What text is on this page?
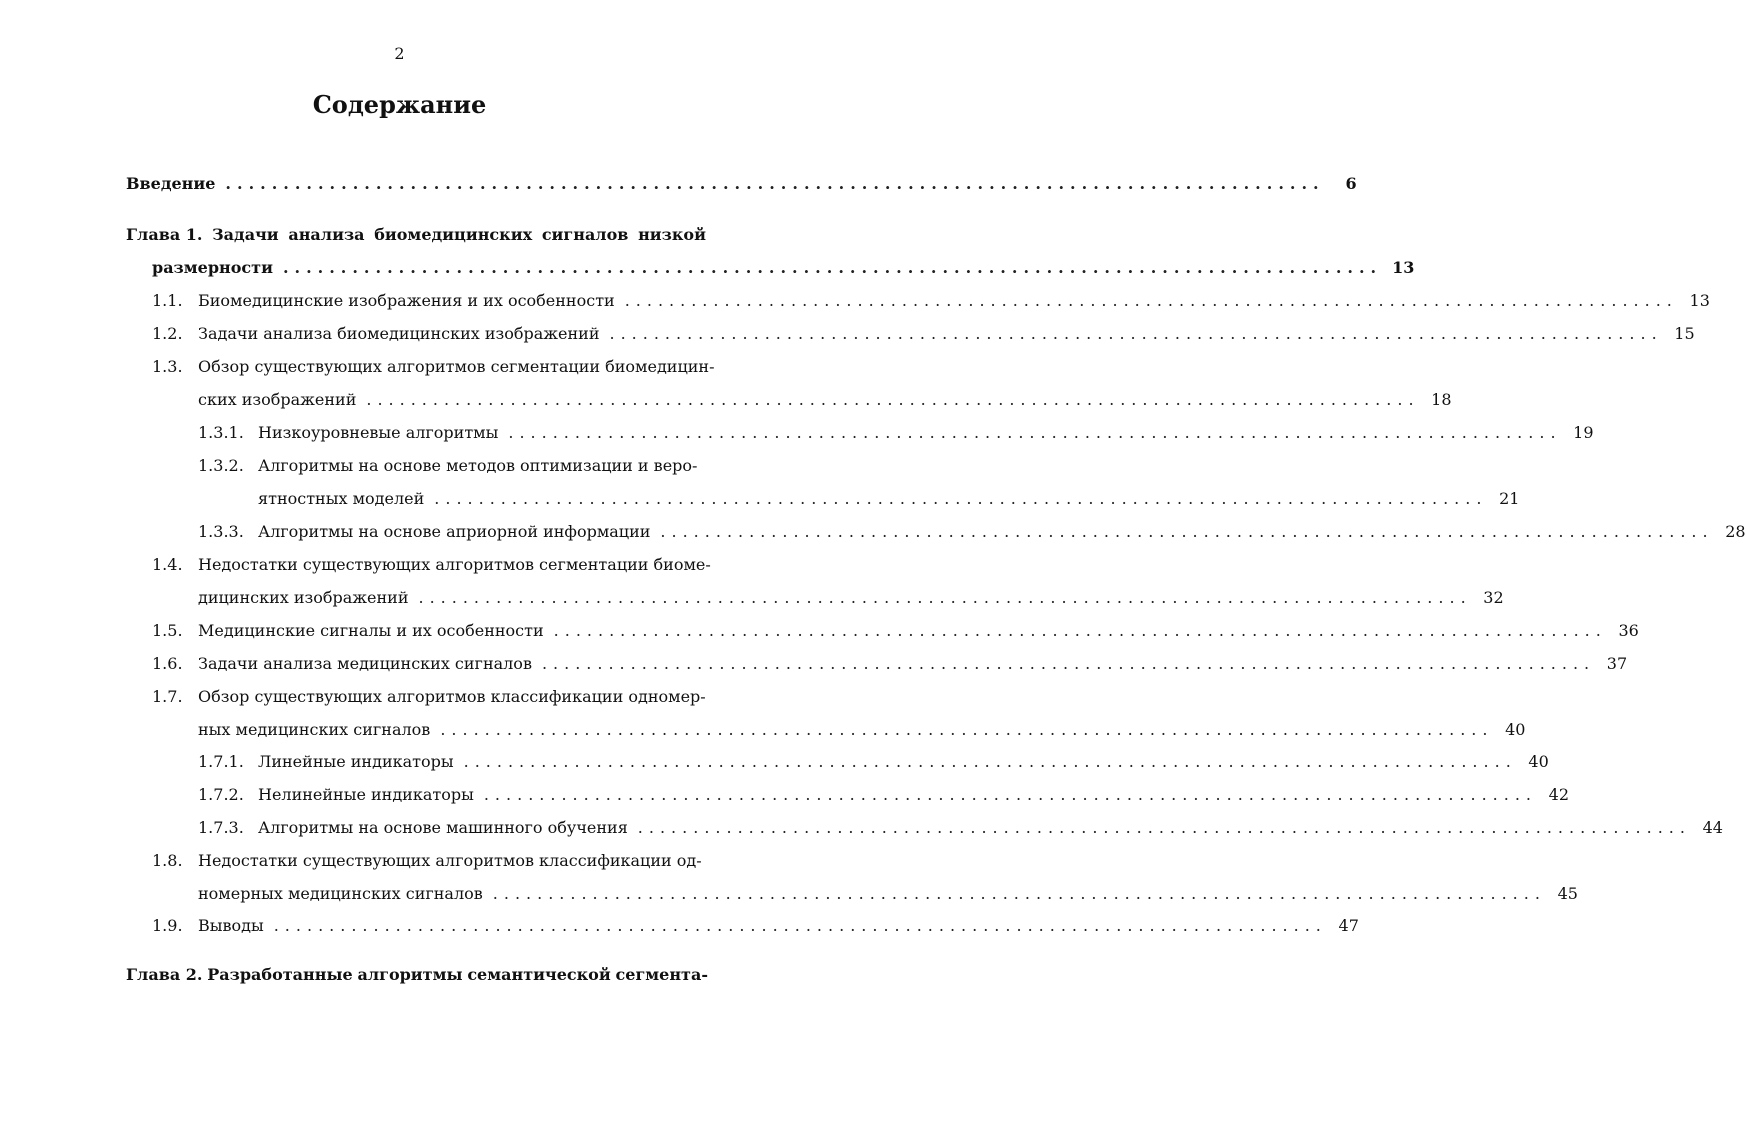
2
Содержание
Введение ...............................................................................................	6
Глава 1. Задачи анализа биомедицинских сигналов низкой
размерности ............................................................................................... 13
1.1. Биомедицинские изображения и их особенности ............................................................................................... 13
1.2. Задачи анализа биомедицинских изображений ............................................................................................... 15
1.3. Обзор существующих алгоритмов сегментации биомедицин-
ских изображений ............................................................................................... 18
1.3.1. Низкоуровневые алгоритмы ............................................................................................... 19
1.3.2. Алгоритмы на основе методов оптимизации и веро-
ятностных моделей ............................................................................................... 21
1.3.3. Алгоритмы на основе априорной информации ............................................................................................... 28
1.4. Недостатки существующих алгоритмов сегментации биоме-
дицинских изображений ............................................................................................... 32
1.5. Медицинские сигналы и их особенности ............................................................................................... 36
1.6. Задачи анализа медицинских сигналов ............................................................................................... 37
1.7. Обзор существующих алгоритмов классификации одномер-
ных медицинских сигналов ............................................................................................... 40
1.7.1. Линейные индикаторы ............................................................................................... 40
1.7.2. Нелинейные индикаторы ............................................................................................... 42
1.7.3. Алгоритмы на основе машинного обучения ............................................................................................... 44
1.8. Недостатки существующих алгоритмов классификации од-
номерных медицинских сигналов ............................................................................................... 45
1.9. Выводы ............................................................................................... 47
Глава 2. Разработанные алгоритмы семантической сегмента-
